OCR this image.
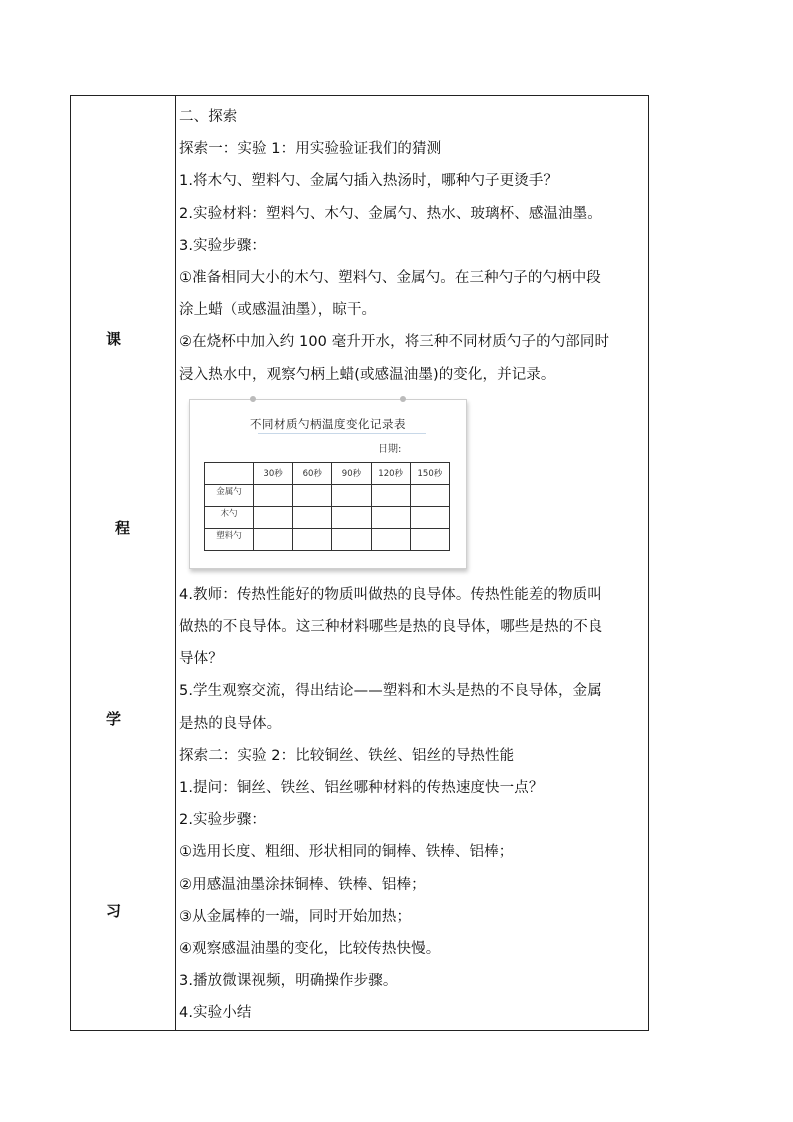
课
程
学
习

二、探索
探索一：实验 1：用实验验证我们的猜测
1.将木勺、塑料勺、金属勺插入热汤时，哪种勺子更烫手？
2.实验材料：塑料勺、木勺、金属勺、热水、玻璃杯、感温油墨。
3.实验步骤：
①准备相同大小的木勺、塑料勺、金属勺。在三种勺子的勺柄中段
涂上蜡（或感温油墨），晾干。
②在烧杯中加入约 100 毫升开水，将三种不同材质勺子的勺部同时
浸入热水中，观察勺柄上蜡(或感温油墨)的变化，并记录。
不同材质勺柄温度变化记录表
日期:
	30秒	60秒	90秒	120秒	150秒
金属勺					
木勺					
塑料勺					
4.教师：传热性能好的物质叫做热的良导体。传热性能差的物质叫
做热的不良导体。这三种材料哪些是热的良导体，哪些是热的不良
导体？
5.学生观察交流，得出结论——塑料和木头是热的不良导体，金属
是热的良导体。
探索二：实验 2：比较铜丝、铁丝、铝丝的导热性能
1.提问：铜丝、铁丝、铝丝哪种材料的传热速度快一点？
2.实验步骤：
①选用长度、粗细、形状相同的铜棒、铁棒、铝棒；
②用感温油墨涂抹铜棒、铁棒、铝棒；
③从金属棒的一端，同时开始加热；
④观察感温油墨的变化，比较传热快慢。
3.播放微课视频，明确操作步骤。
4.实验小结
